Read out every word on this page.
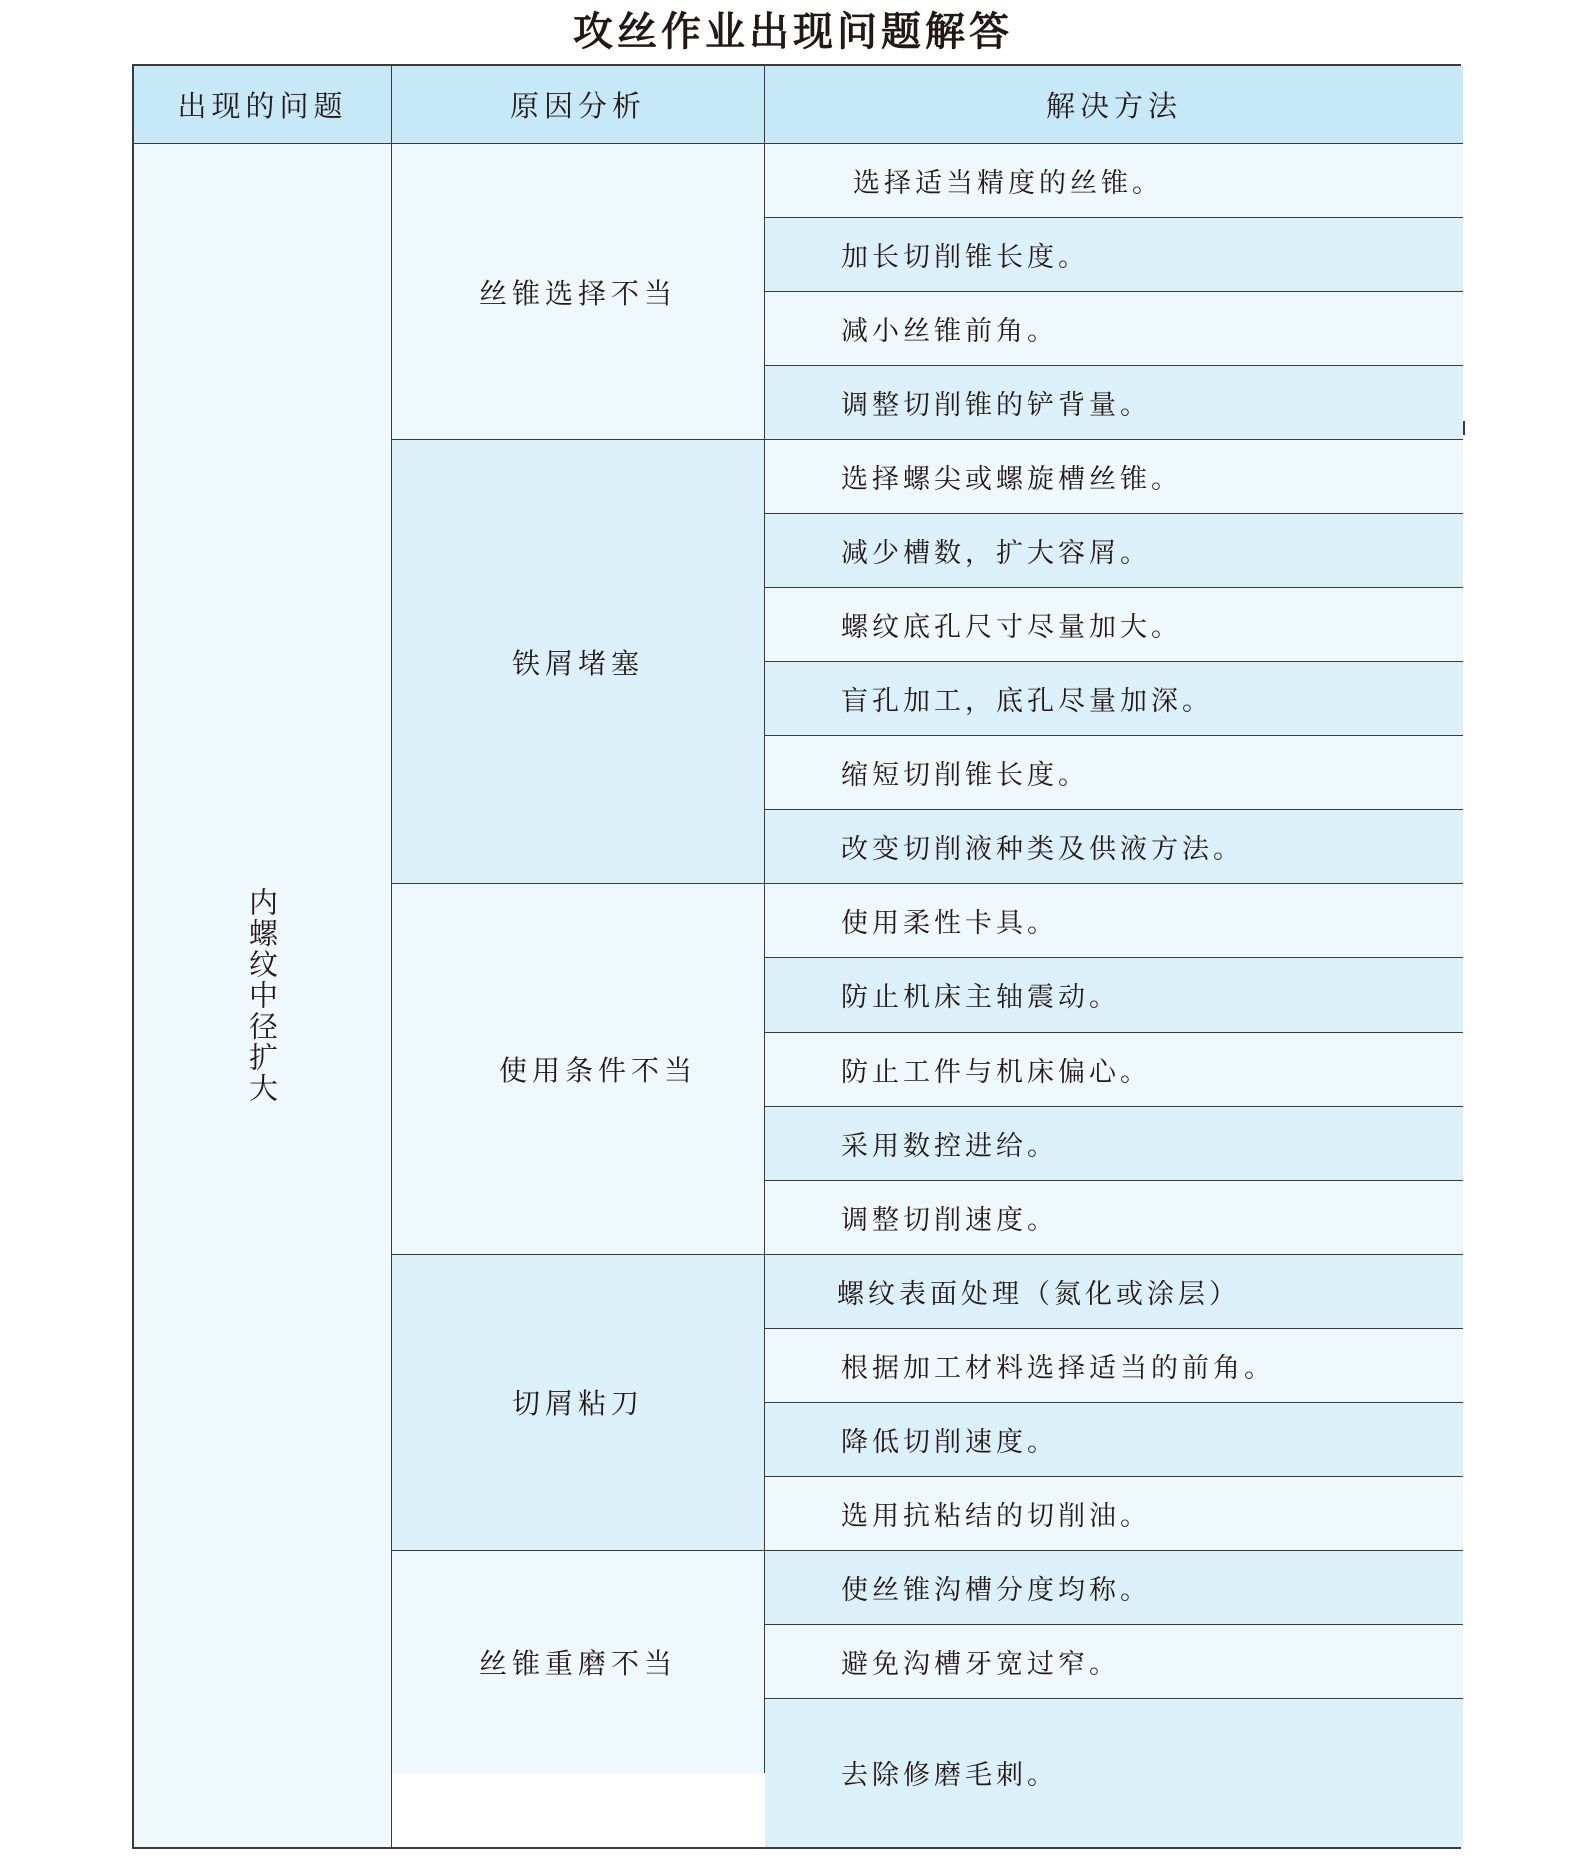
攻丝作业出现问题解答
出现的问题	原因分析	解决方法
内螺纹中径扩大
丝锥选择不当
选择适当精度的丝锥。
加长切削锥长度。
减小丝锥前角。
调整切削锥的铲背量。
铁屑堵塞
选择螺尖或螺旋槽丝锥。
减少槽数，扩大容屑。
螺纹底孔尺寸尽量加大。
盲孔加工，底孔尽量加深。
缩短切削锥长度。
改变切削液种类及供液方法。
使用条件不当
使用柔性卡具。
防止机床主轴震动。
防止工件与机床偏心。
采用数控进给。
调整切削速度。
切屑粘刀
螺纹表面处理（氮化或涂层）
根据加工材料选择适当的前角。
降低切削速度。
选用抗粘结的切削油。
丝锥重磨不当
使丝锥沟槽分度均称。
避免沟槽牙宽过窄。
去除修磨毛刺。
